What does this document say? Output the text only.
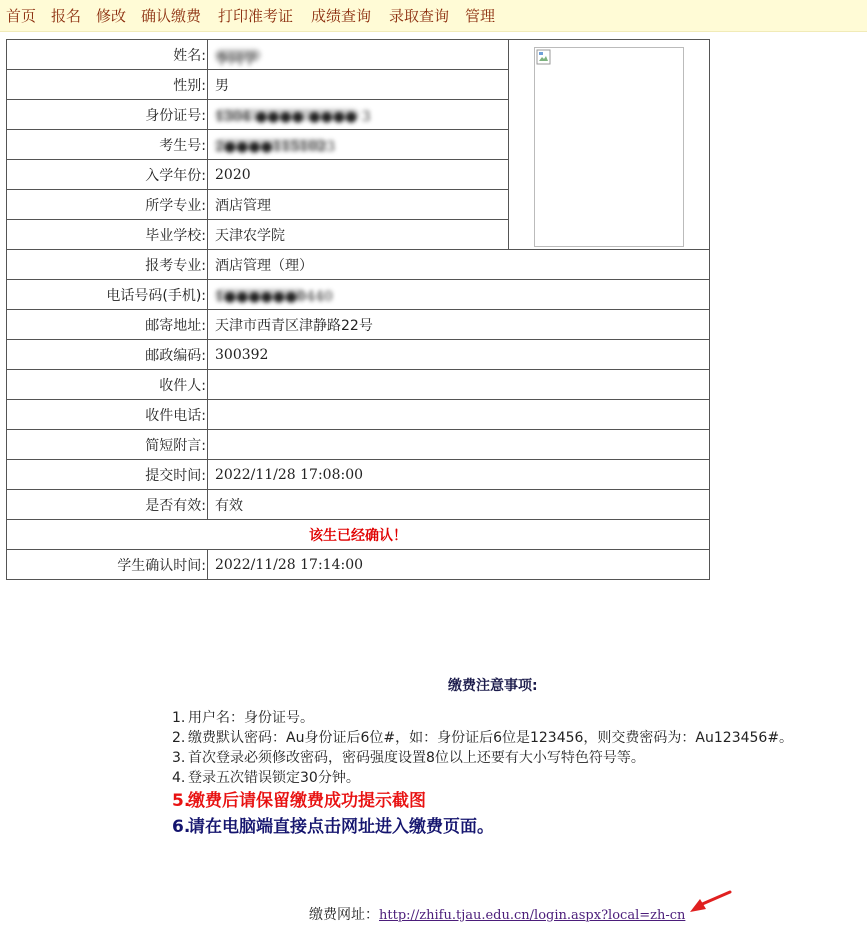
首页 报名 修改 确认缴费 打印准考证 成绩查询 录取查询 管理
姓名:	李同学	

性别:	男	
身份证号:	1304 ●●●● ●●●● 3	
考生号:	2●●●●1151023	
入学年份:	2020	
所学专业:	酒店管理	
毕业学校:	天津农学院	
报考专业:	酒店管理（理）	
电话号码(手机):	1●●●●●●0440	
邮寄地址:	天津市西青区津静路22号	
邮政编码:	300392	
收件人:		
收件电话:		
简短附言:		
提交时间:	2022/11/28 17:08:00	
是否有效:	有效	
该生已经确认！		
学生确认时间:	2022/11/28 17:14:00	
缴费注意事项:
1. 用户名：身份证号。
2. 缴费默认密码：Au身份证后6位#，如：身份证后6位是123456，则交费密码为：Au123456#。
3. 首次登录必须修改密码，密码强度设置8位以上还要有大小写特色符号等。
4. 登录五次错误锁定30分钟。
5.缴费后请保留缴费成功提示截图
6.请在电脑端直接点击网址进入缴费页面。
缴费网址：http://zhifu.tjau.edu.cn/login.aspx?local=zh-cn
